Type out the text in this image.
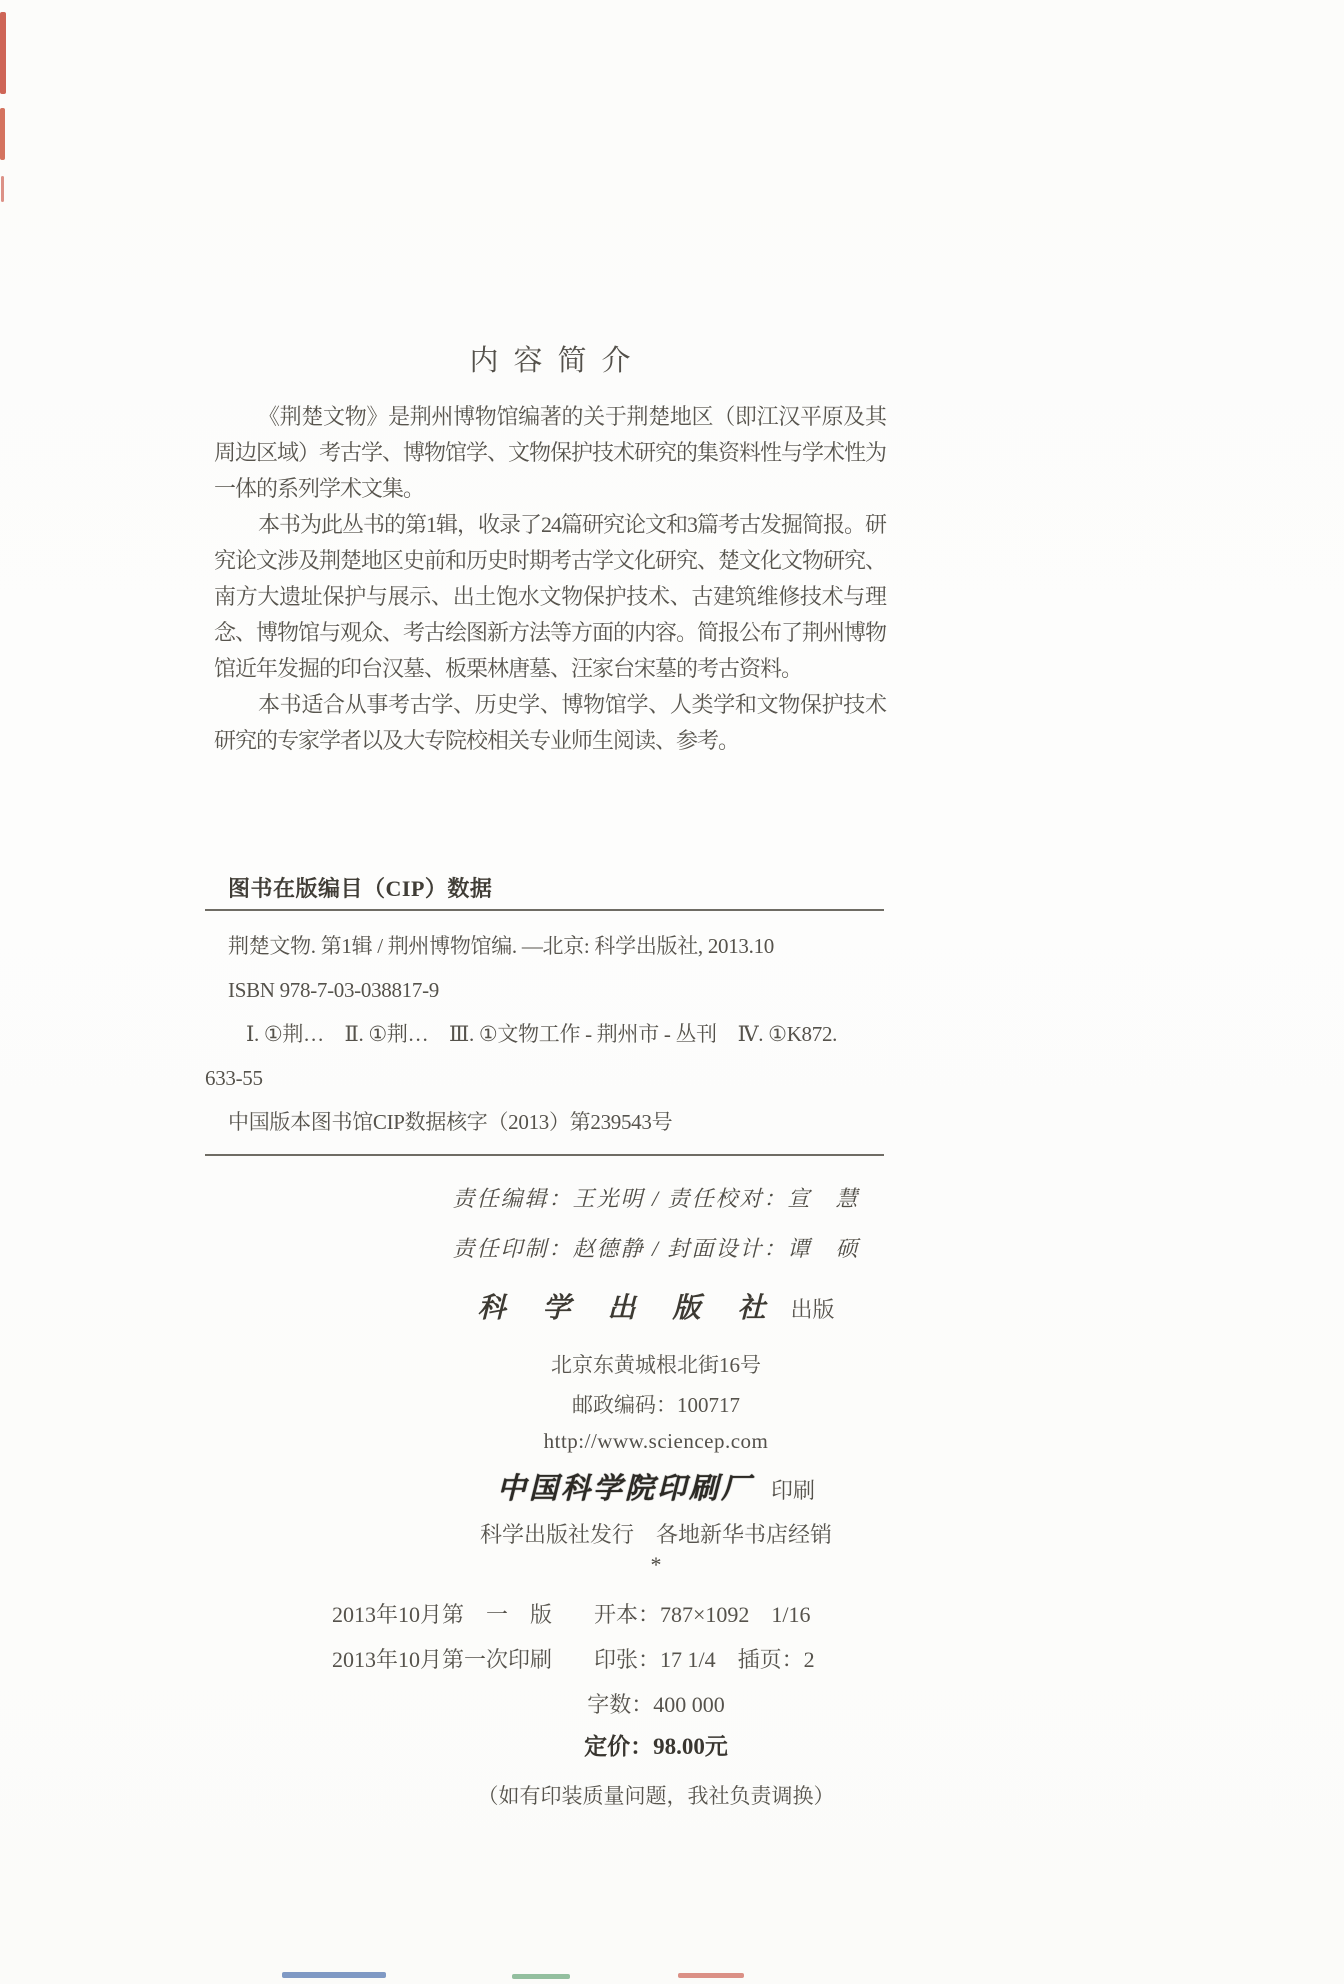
内容简介

《荆楚文物》是荆州博物馆编著的关于荆楚地区（即江汉平原及其周边区域）考古学、博物馆学、文物保护技术研究的集资料性与学术性为一体的系列学术文集。

本书为此丛书的第1辑，收录了24篇研究论文和3篇考古发掘简报。研究论文涉及荆楚地区史前和历史时期考古学文化研究、楚文化文物研究、南方大遗址保护与展示、出土饱水文物保护技术、古建筑维修技术与理念、博物馆与观众、考古绘图新方法等方面的内容。简报公布了荆州博物馆近年发掘的印台汉墓、板栗林唐墓、汪家台宋墓的考古资料。

本书适合从事考古学、历史学、博物馆学、人类学和文物保护技术研究的专家学者以及大专院校相关专业师生阅读、参考。

图书在版编目（CIP）数据

荆楚文物. 第1辑 / 荆州博物馆编. —北京: 科学出版社, 2013.10

ISBN 978-7-03-038817-9

Ⅰ. ①荆…　Ⅱ. ①荆…　Ⅲ. ①文物工作 - 荆州市 - 丛刊　Ⅳ. ①K872.

633-55

中国版本图书馆CIP数据核字（2013）第239543号

责任编辑：王光明 / 责任校对：宣　慧

责任印制：赵德静 / 封面设计：谭　硕

科 学 出 版 社 出版

北京东黄城根北街16号

邮政编码：100717

http://www.sciencep.com

中国科学院印刷厂 印刷

科学出版社发行　各地新华书店经销

*

2013年10月第　一　版	开本：787×1092　1/16
2013年10月第一次印刷	印张：17 1/4　插页：2

字数：400 000

定价：98.00元

（如有印装质量问题，我社负责调换）
